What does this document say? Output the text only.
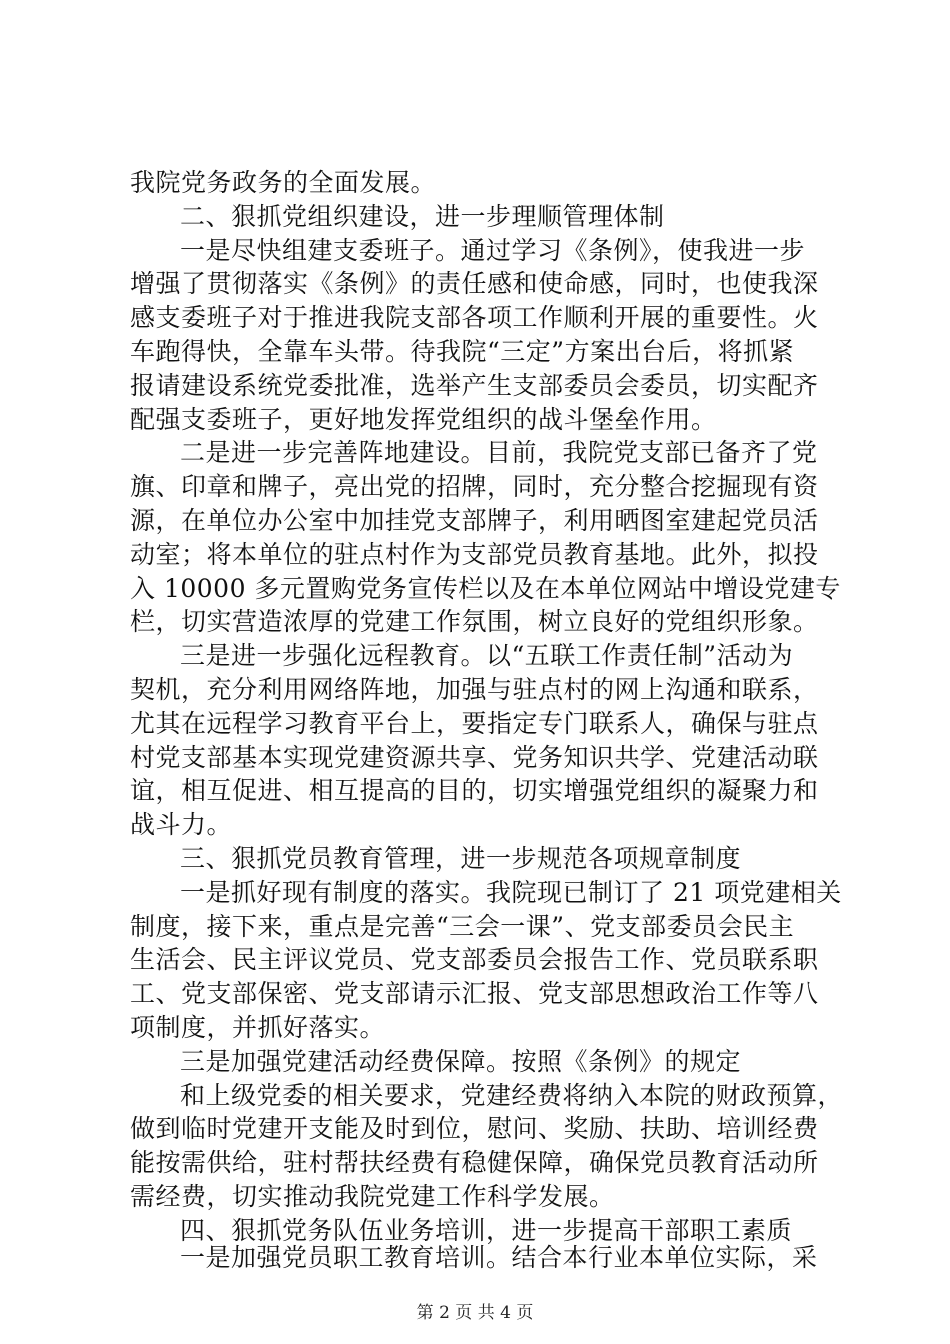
我院党务政务的全面发展。
二、狠抓党组织建设，进一步理顺管理体制
一是尽快组建支委班子。通过学习《条例》，使我进一步
增强了贯彻落实《条例》的责任感和使命感，同时，也使我深
感支委班子对于推进我院支部各项工作顺利开展的重要性。火
车跑得快，全靠车头带。待我院“三定”方案出台后，将抓紧
报请建设系统党委批准，选举产生支部委员会委员，切实配齐
配强支委班子，更好地发挥党组织的战斗堡垒作用。
二是进一步完善阵地建设。目前，我院党支部已备齐了党
旗、印章和牌子，亮出党的招牌，同时，充分整合挖掘现有资
源，在单位办公室中加挂党支部牌子，利用晒图室建起党员活
动室；将本单位的驻点村作为支部党员教育基地。此外，拟投
入 10000 多元置购党务宣传栏以及在本单位网站中增设党建专
栏，切实营造浓厚的党建工作氛围，树立良好的党组织形象。
三是进一步强化远程教育。以“五联工作责任制”活动为
契机，充分利用网络阵地，加强与驻点村的网上沟通和联系，
尤其在远程学习教育平台上，要指定专门联系人，确保与驻点
村党支部基本实现党建资源共享、党务知识共学、党建活动联
谊，相互促进、相互提高的目的，切实增强党组织的凝聚力和
战斗力。
三、狠抓党员教育管理，进一步规范各项规章制度
一是抓好现有制度的落实。我院现已制订了 21 项党建相关
制度，接下来，重点是完善“三会一课”、党支部委员会民主
生活会、民主评议党员、党支部委员会报告工作、党员联系职
工、党支部保密、党支部请示汇报、党支部思想政治工作等八
项制度，并抓好落实。
三是加强党建活动经费保障。按照《条例》的规定
和上级党委的相关要求，党建经费将纳入本院的财政预算，
做到临时党建开支能及时到位，慰问、奖励、扶助、培训经费
能按需供给，驻村帮扶经费有稳健保障，确保党员教育活动所
需经费，切实推动我院党建工作科学发展。
四、狠抓党务队伍业务培训，进一步提高干部职工素质
一是加强党员职工教育培训。结合本行业本单位实际，采
第 2 页 共 4 页
